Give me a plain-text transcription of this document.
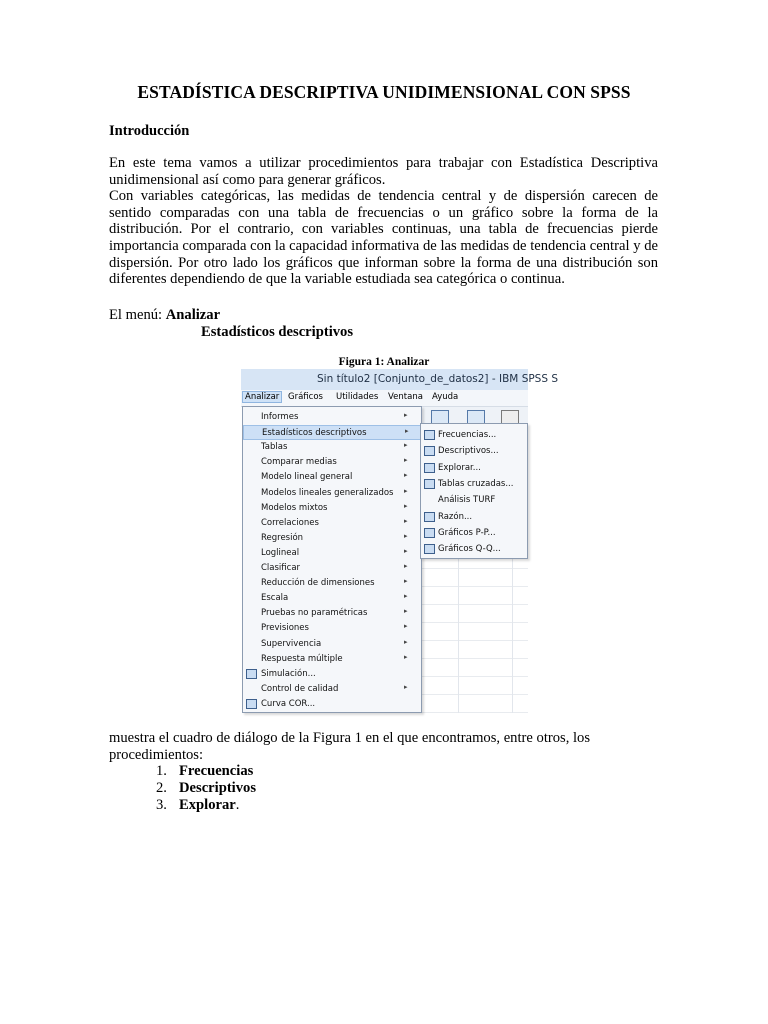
ESTADÍSTICA DESCRIPTIVA UNIDIMENSIONAL CON SPSS
Introducción

En este tema vamos a utilizar procedimientos para trabajar con Estadística Descriptiva unidimensional así como para generar gráficos.

Con variables categóricas, las medidas de tendencia central y de dispersión carecen de sentido comparadas con una tabla de frecuencias o un gráfico sobre la forma de la distribución. Por el contrario, con variables continuas, una tabla de frecuencias pierde importancia comparada con la capacidad informativa de las medidas de tendencia central y de dispersión. Por otro lado los gráficos que informan sobre la forma de una distribución son diferentes dependiendo de que la variable estudiada sea categórica o continua.

El menú: Analizar
Estadísticos descriptivos
Figura 1: Analizar
Sin título2 [Conjunto_de_datos2] - IBM SPSS S
Analizar	Gráficos Utilidades Ventana Ayuda
Informes	▸
Estadísticos descriptivos	▸
Tablas	▸
Comparar medias	▸
Modelo lineal general	▸
Modelos lineales generalizados ▸
Modelos mixtos	▸
Correlaciones	▸
Regresión	▸
Loglineal	▸
Clasificar	▸
Reducción de dimensiones	▸
Escala	▸
Pruebas no paramétricas	▸
Previsiones	▸
Supervivencia	▸
Respuesta múltiple	▸
Simulación...
Control de calidad	▸
Curva COR...
Frecuencias...
Descriptivos...
Explorar...
Tablas cruzadas...
Análisis TURF
Razón...
Gráficos P-P...
Gráficos Q-Q...

muestra el cuadro de diálogo de la Figura 1 en el que encontramos, entre otros, los procedimientos:

1. Frecuencias
2. Descriptivos
3. Explorar.
